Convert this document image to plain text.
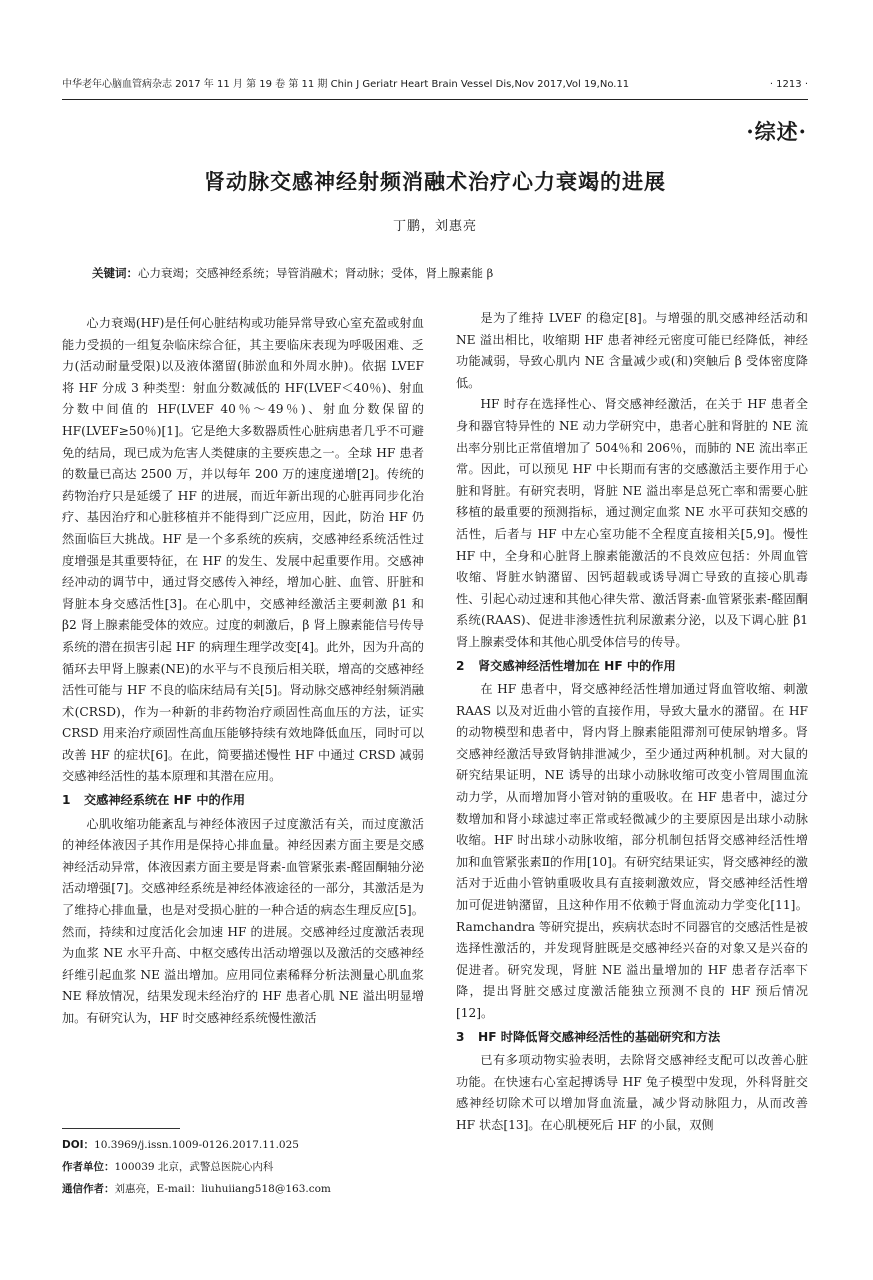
中华老年心脑血管病杂志 2017 年 11 月 第 19 卷 第 11 期 Chin J Geriatr Heart Brain Vessel Dis,Nov 2017,Vol 19,No.11	· 1213 ·
·综述·
肾动脉交感神经射频消融术治疗心力衰竭的进展
丁鹏，刘惠亮
关键词：心力衰竭；交感神经系统；导管消融术；肾动脉；受体，肾上腺素能 β

心力衰竭(HF)是任何心脏结构或功能异常导致心室充盈或射血能力受损的一组复杂临床综合征，其主要临床表现为呼吸困难、乏力(活动耐量受限)以及液体潴留(肺淤血和外周水肿)。依据 LVEF 将 HF 分成 3 种类型：射血分数减低的 HF(LVEF＜40％)、射血分数中间值的 HF(LVEF 40％～49％)、射血分数保留的 HF(LVEF≥50％)[1]。它是绝大多数器质性心脏病患者几乎不可避免的结局，现已成为危害人类健康的主要疾患之一。全球 HF 患者的数量已高达 2500 万，并以每年 200 万的速度递增[2]。传统的药物治疗只是延缓了 HF 的进展，而近年新出现的心脏再同步化治疗、基因治疗和心脏移植并不能得到广泛应用，因此，防治 HF 仍然面临巨大挑战。HF 是一个多系统的疾病，交感神经系统活性过度增强是其重要特征，在 HF 的发生、发展中起重要作用。交感神经冲动的调节中，通过肾交感传入神经，增加心脏、血管、肝脏和肾脏本身交感活性[3]。在心肌中，交感神经激活主要刺激 β1 和 β2 肾上腺素能受体的效应。过度的刺激后，β 肾上腺素能信号传导系统的潜在损害引起 HF 的病理生理学改变[4]。此外，因为升高的循环去甲肾上腺素(NE)的水平与不良预后相关联，增高的交感神经活性可能与 HF 不良的临床结局有关[5]。肾动脉交感神经射频消融术(CRSD)，作为一种新的非药物治疗顽固性高血压的方法，证实 CRSD 用来治疗顽固性高血压能够持续有效地降低血压，同时可以改善 HF 的症状[6]。在此，简要描述慢性 HF 中通过 CRSD 减弱交感神经活性的基本原理和其潜在应用。

1 交感神经系统在 HF 中的作用

心肌收缩功能紊乱与神经体液因子过度激活有关，而过度激活的神经体液因子其作用是保持心排血量。神经因素方面主要是交感神经活动异常，体液因素方面主要是肾素-血管紧张素-醛固酮轴分泌活动增强[7]。交感神经系统是神经体液途径的一部分，其激活是为了维持心排血量，也是对受损心脏的一种合适的病态生理反应[5]。然而，持续和过度活化会加速 HF 的进展。交感神经过度激活表现为血浆 NE 水平升高、中枢交感传出活动增强以及激活的交感神经纤维引起血浆 NE 溢出增加。应用同位素稀释分析法测量心肌血浆 NE 释放情况，结果发现未经治疗的 HF 患者心肌 NE 溢出明显增加。有研究认为，HF 时交感神经系统慢性激活

是为了维持 LVEF 的稳定[8]。与增强的肌交感神经活动和 NE 溢出相比，收缩期 HF 患者神经元密度可能已经降低，神经功能减弱，导致心肌内 NE 含量减少或(和)突触后 β 受体密度降低。

HF 时存在选择性心、肾交感神经激活，在关于 HF 患者全身和器官特异性的 NE 动力学研究中，患者心脏和肾脏的 NE 流出率分别比正常值增加了 504％和 206％，而肺的 NE 流出率正常。因此，可以预见 HF 中长期而有害的交感激活主要作用于心脏和肾脏。有研究表明，肾脏 NE 溢出率是总死亡率和需要心脏移植的最重要的预测指标，通过测定血浆 NE 水平可获知交感的活性，后者与 HF 中左心室功能不全程度直接相关[5,9]。慢性 HF 中，全身和心脏肾上腺素能激活的不良效应包括：外周血管收缩、肾脏水钠潴留、因钙超载或诱导凋亡导致的直接心肌毒性、引起心动过速和其他心律失常、激活肾素-血管紧张素-醛固酮系统(RAAS)、促进非渗透性抗利尿激素分泌，以及下调心脏 β1 肾上腺素受体和其他心肌受体信号的传导。

2 肾交感神经活性增加在 HF 中的作用

在 HF 患者中，肾交感神经活性增加通过肾血管收缩、刺激 RAAS 以及对近曲小管的直接作用，导致大量水的潴留。在 HF 的动物模型和患者中，肾内肾上腺素能阻滞剂可使尿钠增多。肾交感神经激活导致肾钠排泄减少，至少通过两种机制。对大鼠的研究结果证明，NE 诱导的出球小动脉收缩可改变小管周围血流动力学，从而增加肾小管对钠的重吸收。在 HF 患者中，滤过分数增加和肾小球滤过率正常或轻微减少的主要原因是出球小动脉收缩。HF 时出球小动脉收缩，部分机制包括肾交感神经活性增加和血管紧张素Ⅱ的作用[10]。有研究结果证实，肾交感神经的激活对于近曲小管钠重吸收具有直接刺激效应，肾交感神经活性增加可促进钠潴留，且这种作用不依赖于肾血流动力学变化[11]。Ramchandra 等研究提出，疾病状态时不同器官的交感活性是被选择性激活的，并发现肾脏既是交感神经兴奋的对象又是兴奋的促进者。研究发现，肾脏 NE 溢出量增加的 HF 患者存活率下降，提出肾脏交感过度激活能独立预测不良的 HF 预后情况[12]。

3 HF 时降低肾交感神经活性的基础研究和方法

已有多项动物实验表明，去除肾交感神经支配可以改善心脏功能。在快速右心室起搏诱导 HF 兔子模型中发现，外科肾脏交感神经切除术可以增加肾血流量，减少肾动脉阻力，从而改善 HF 状态[13]。在心肌梗死后 HF 的小鼠，双侧

DOI：10.3969/j.issn.1009-0126.2017.11.025
作者单位：100039 北京，武警总医院心内科
通信作者：刘惠亮，E-mail：liuhuiiang518@163.com
